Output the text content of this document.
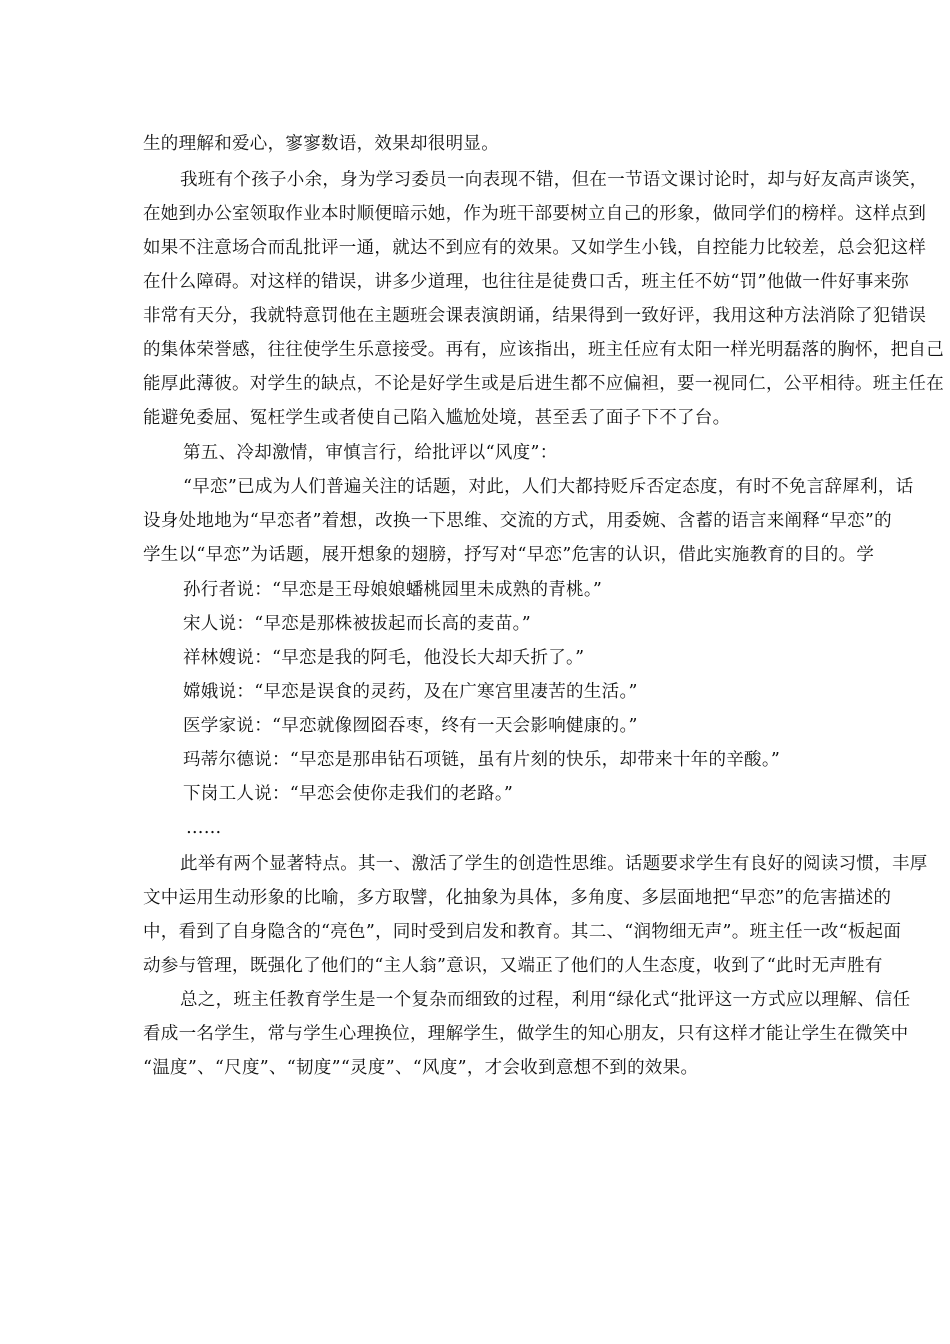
生的理解和爱心，寥寥数语，效果却很明显。
我班有个孩子小余，身为学习委员一向表现不错，但在一节语文课讨论时，却与好友高声谈笑，
在她到办公室领取作业本时顺便暗示她，作为班干部要树立自己的形象，做同学们的榜样。这样点到
如果不注意场合而乱批评一通，就达不到应有的效果。又如学生小钱，自控能力比较差，总会犯这样
在什么障碍。对这样的错误，讲多少道理，也往往是徒费口舌，班主任不妨“罚”他做一件好事来弥
非常有天分，我就特意罚他在主题班会课表演朗诵，结果得到一致好评，我用这种方法消除了犯错误
的集体荣誉感，往往使学生乐意接受。再有，应该指出，班主任应有太阳一样光明磊落的胸怀，把自己
能厚此薄彼。对学生的缺点，不论是好学生或是后进生都不应偏袒，要一视同仁，公平相待。班主任在
能避免委屈、冤枉学生或者使自己陷入尴尬处境，甚至丢了面子下不了台。
第五、冷却激情，审慎言行，给批评以“风度”：
“早恋”已成为人们普遍关注的话题，对此，人们大都持贬斥否定态度，有时不免言辞犀利，话
设身处地地为“早恋者”着想，改换一下思维、交流的方式，用委婉、含蓄的语言来阐释“早恋”的
学生以“早恋”为话题，展开想象的翅膀，抒写对“早恋”危害的认识，借此实施教育的目的。学
孙行者说：“早恋是王母娘娘蟠桃园里未成熟的青桃。”
宋人说：“早恋是那株被拔起而长高的麦苗。”
祥林嫂说：“早恋是我的阿毛，他没长大却夭折了。”
嫦娥说：“早恋是误食的灵药，及在广寒宫里凄苦的生活。”
医学家说：“早恋就像囫囵吞枣，终有一天会影响健康的。”
玛蒂尔德说：“早恋是那串钻石项链，虽有片刻的快乐，却带来十年的辛酸。”
下岗工人说：“早恋会使你走我们的老路。”
……
此举有两个显著特点。其一、激活了学生的创造性思维。话题要求学生有良好的阅读习惯，丰厚
文中运用生动形象的比喻，多方取譬，化抽象为具体，多角度、多层面地把“早恋”的危害描述的
中，看到了自身隐含的“亮色”，同时受到启发和教育。其二、“润物细无声”。班主任一改“板起面
动参与管理，既强化了他们的“主人翁”意识，又端正了他们的人生态度，收到了“此时无声胜有
总之，班主任教育学生是一个复杂而细致的过程，利用“绿化式“批评这一方式应以理解、信任
看成一名学生，常与学生心理换位，理解学生，做学生的知心朋友，只有这样才能让学生在微笑中
“温度”、“尺度”、“韧度”“灵度”、“风度”，才会收到意想不到的效果。
